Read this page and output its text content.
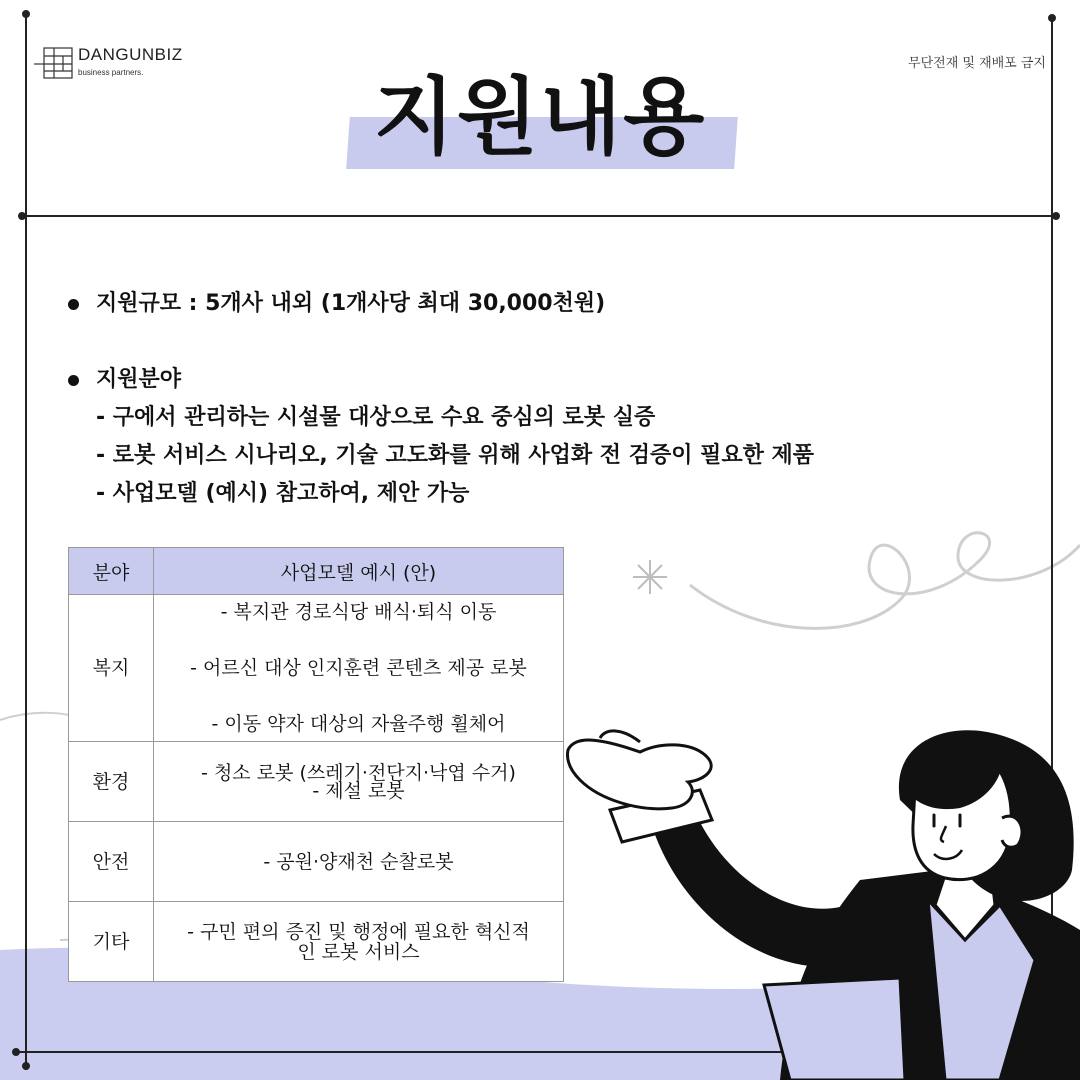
DANGUNBIZ
business partners.
무단전재 및 재배포 금지
지원내용
지원규모 : 5개사 내외 (1개사당 최대 30,000천원)
지원분야
- 구에서 관리하는 시설물 대상으로 수요 중심의 로봇 실증
- 로봇 서비스 시나리오, 기술 고도화를 위해 사업화 전 검증이 필요한 제품
- 사업모델 (예시) 참고하여, 제안 가능
분야	사업모델 예시 (안)
복지	- 복지관 경로식당 배식·퇴식 이동

- 어르신 대상 인지훈련 콘텐츠 제공 로봇

- 이동 약자 대상의 자율주행 휠체어

환경	- 청소 로봇 (쓰레기·전단지·낙엽 수거)
- 제설 로봇

안전	- 공원·양재천 순찰로봇

기타	- 구민 편의 증진 및 행정에 필요한 혁신적
인 로봇 서비스
